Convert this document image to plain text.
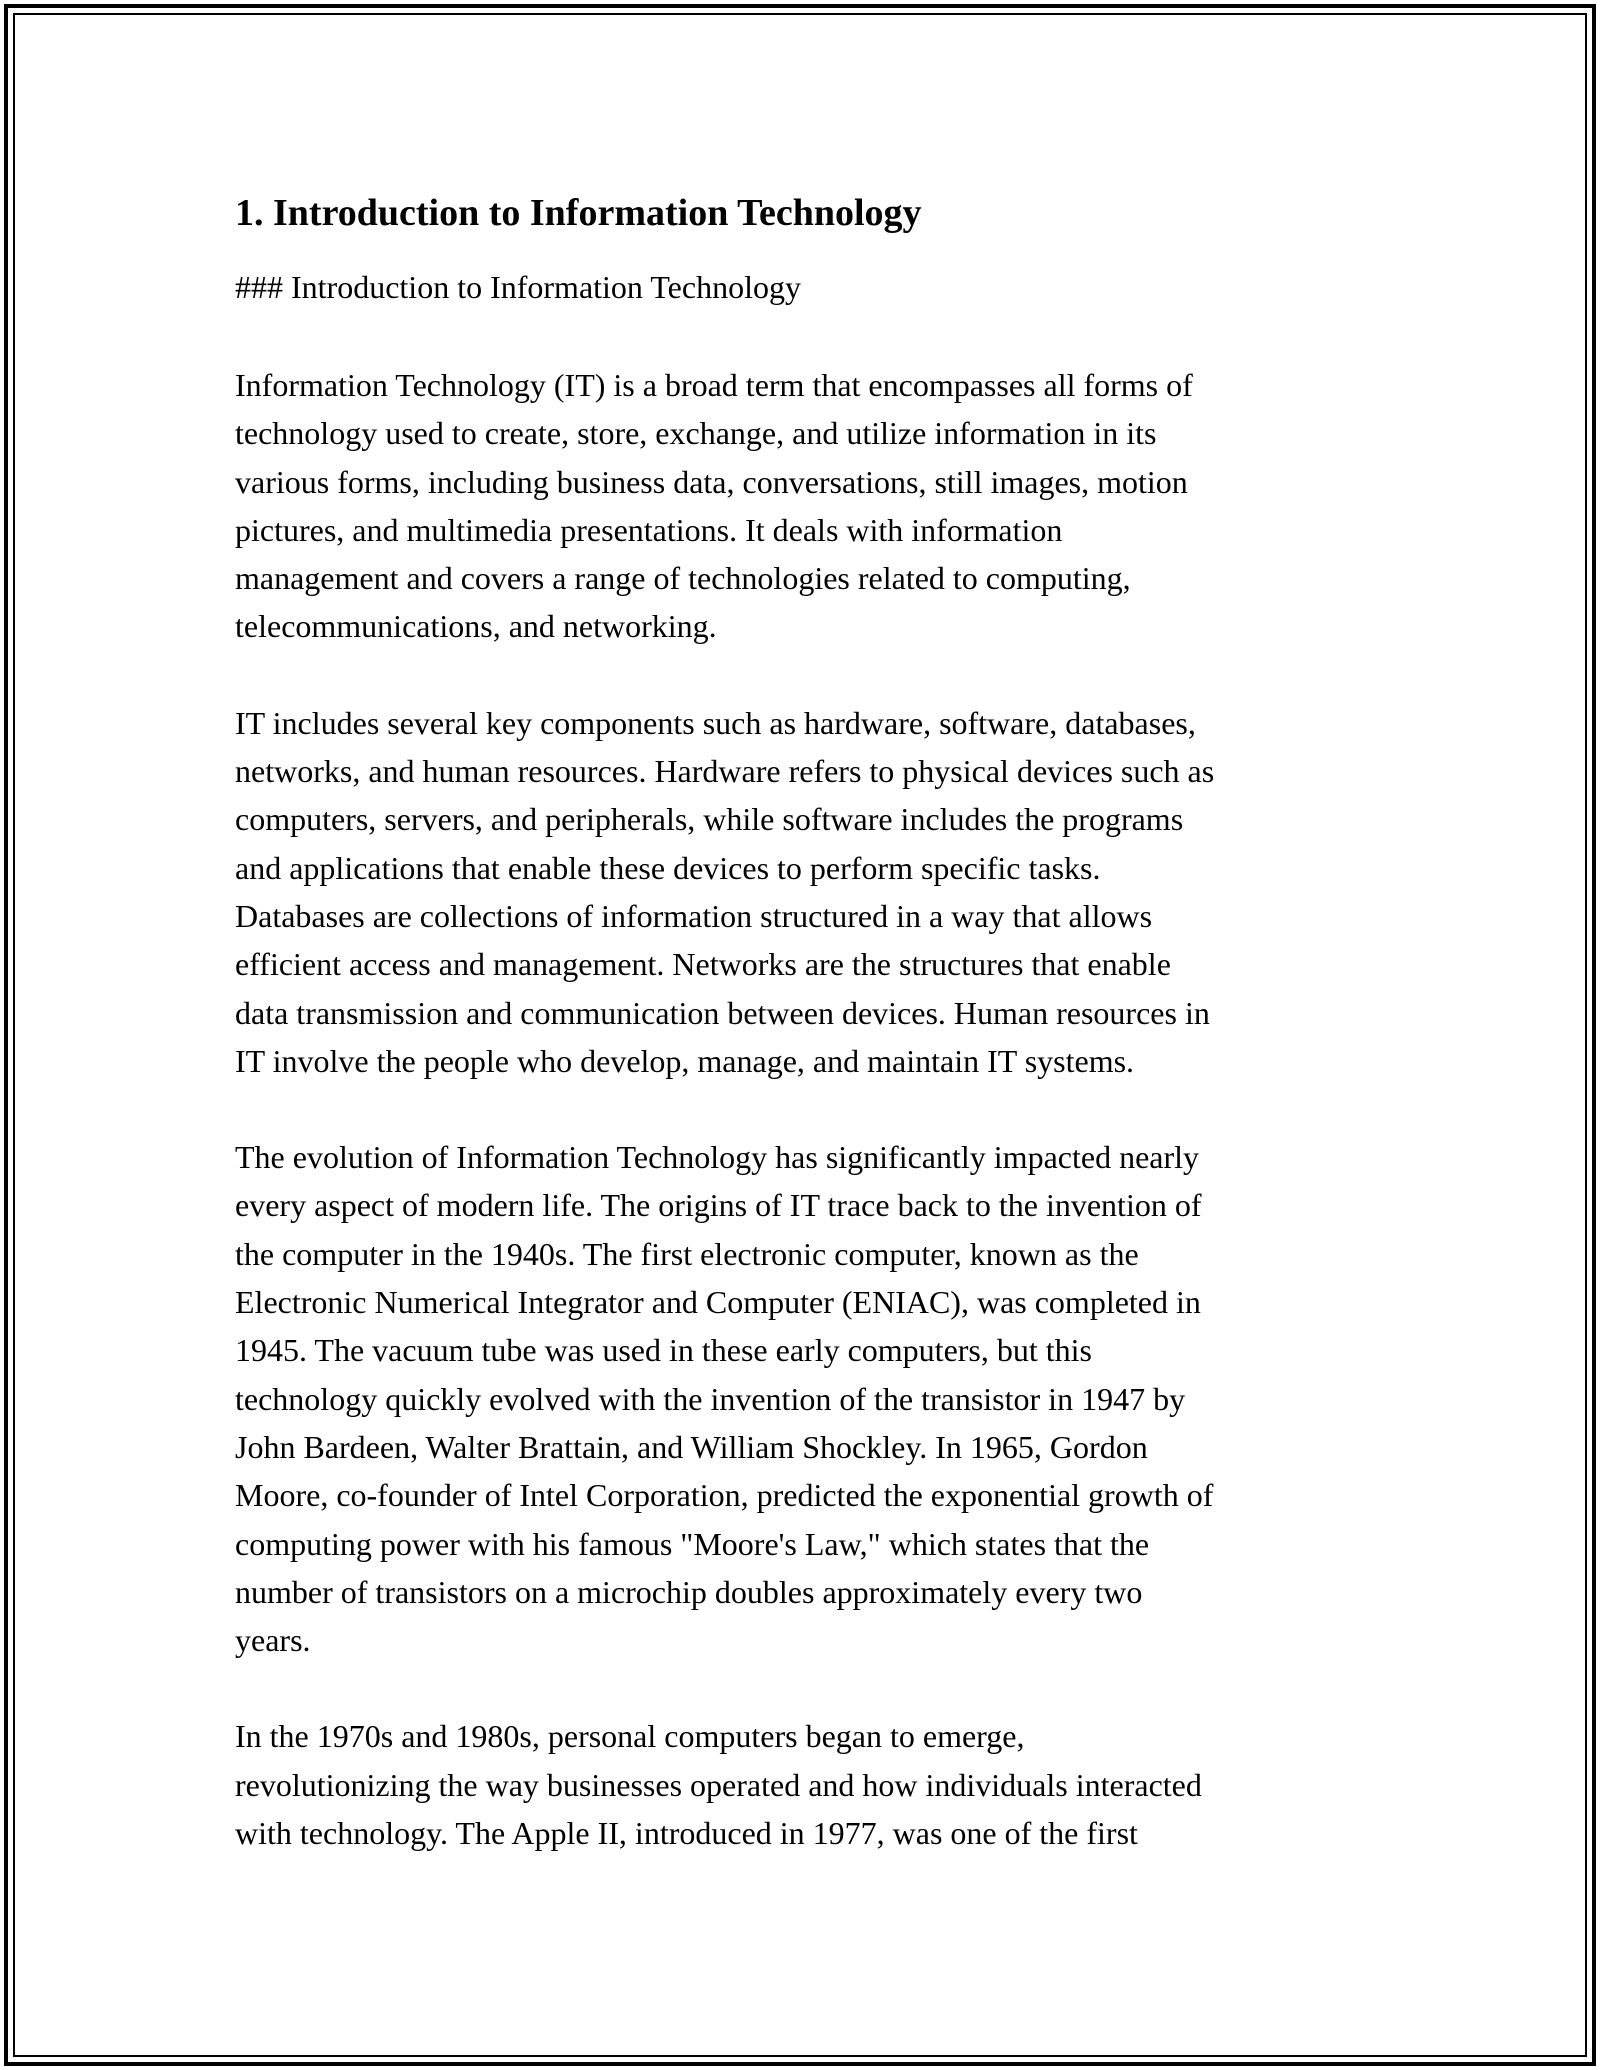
1. Introduction to Information Technology

### Introduction to Information Technology

Information Technology (IT) is a broad term that encompasses all forms of
technology used to create, store, exchange, and utilize information in its
various forms, including business data, conversations, still images, motion
pictures, and multimedia presentations. It deals with information
management and covers a range of technologies related to computing,
telecommunications, and networking.

IT includes several key components such as hardware, software, databases,
networks, and human resources. Hardware refers to physical devices such as
computers, servers, and peripherals, while software includes the programs
and applications that enable these devices to perform specific tasks.
Databases are collections of information structured in a way that allows
efficient access and management. Networks are the structures that enable
data transmission and communication between devices. Human resources in
IT involve the people who develop, manage, and maintain IT systems.

The evolution of Information Technology has significantly impacted nearly
every aspect of modern life. The origins of IT trace back to the invention of
the computer in the 1940s. The first electronic computer, known as the
Electronic Numerical Integrator and Computer (ENIAC), was completed in
1945. The vacuum tube was used in these early computers, but this
technology quickly evolved with the invention of the transistor in 1947 by
John Bardeen, Walter Brattain, and William Shockley. In 1965, Gordon
Moore, co-founder of Intel Corporation, predicted the exponential growth of
computing power with his famous "Moore's Law," which states that the
number of transistors on a microchip doubles approximately every two
years.

In the 1970s and 1980s, personal computers began to emerge,
revolutionizing the way businesses operated and how individuals interacted
with technology. The Apple II, introduced in 1977, was one of the first
